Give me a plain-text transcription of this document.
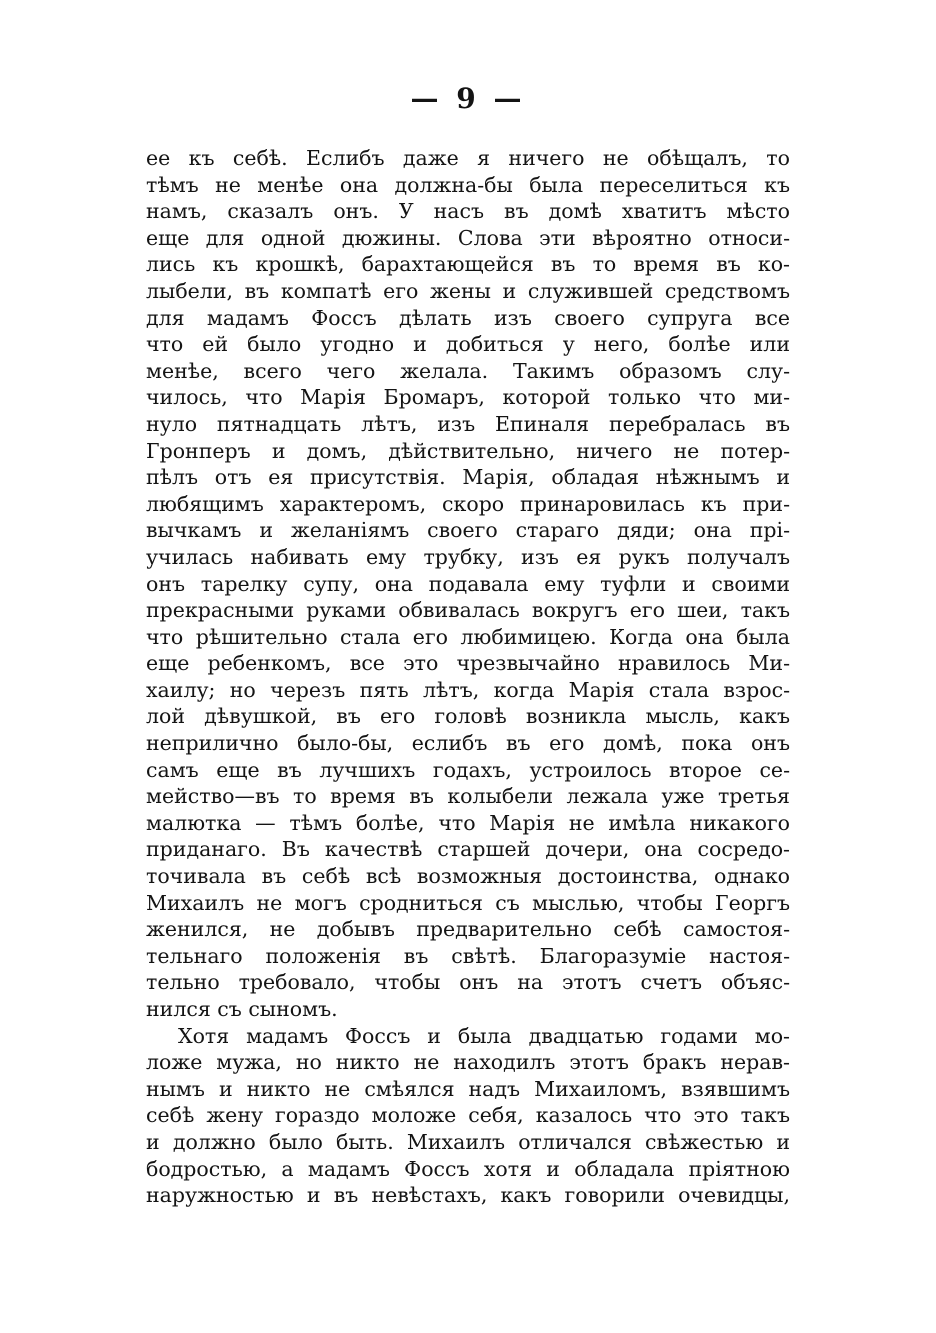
— 9 —
ее къ себѣ. Еслибъ даже я ничего не обѣщалъ, то
тѣмъ не менѣе она должна-бы была переселиться къ
намъ, сказалъ онъ. У насъ въ домѣ хватитъ мѣсто
еще для одной дюжины. Слова эти вѣроятно относи-
лись къ крошкѣ, барахтающейся въ то время въ ко-
лыбели, въ компатѣ его жены и служившей средствомъ
для мадамъ Фоссъ дѣлать изъ своего супруга все
что ей было угодно и добиться у него, болѣе или
менѣе, всего чего желала. Такимъ образомъ слу-
чилось, что Марія Бромаръ, которой только что ми-
нуло пятнадцать лѣтъ, изъ Епиналя перебралась въ
Гронперъ и домъ, дѣйствительно, ничего не потер-
пѣлъ отъ ея присутствія. Марія, обладая нѣжнымъ и
любящимъ характеромъ, скоро принаровилась къ при-
вычкамъ и желаніямъ своего стараго дяди; она прі-
училась набивать ему трубку, изъ ея рукъ получалъ
онъ тарелку супу, она подавала ему туфли и своими
прекрасными руками обвивалась вокругъ его шеи, такъ
что рѣшительно стала его любимицею. Когда она была
еще ребенкомъ, все это чрезвычайно нравилось Ми-
хаилу; но черезъ пять лѣтъ, когда Марія стала взрос-
лой дѣвушкой, въ его головѣ возникла мысль, какъ
неприлично было-бы, еслибъ въ его домѣ, пока онъ
самъ еще въ лучшихъ годахъ, устроилось второе се-
мейство—въ то время въ колыбели лежала уже третья
малютка — тѣмъ болѣе, что Марія не имѣла никакого
приданаго. Въ качествѣ старшей дочери, она сосредо-
точивала въ себѣ всѣ возможныя достоинства, однако
Михаилъ не могъ сродниться съ мыслью, чтобы Георгъ
женился, не добывъ предварительно себѣ самостоя-
тельнаго положенія въ свѣтѣ. Благоразуміе настоя-
тельно требовало, чтобы онъ на этотъ счетъ объяс-
нился съ сыномъ.
Хотя мадамъ Фоссъ и была двадцатью годами мо-
ложе мужа, но никто не находилъ этотъ бракъ нерав-
нымъ и никто не смѣялся надъ Михаиломъ, взявшимъ
себѣ жену гораздо моложе себя, казалось что это такъ
и должно было быть. Михаилъ отличался свѣжестью и
бодростью, а мадамъ Фоссъ хотя и обладала пріятною
наружностью и въ невѣстахъ, какъ говорили очевидцы,
